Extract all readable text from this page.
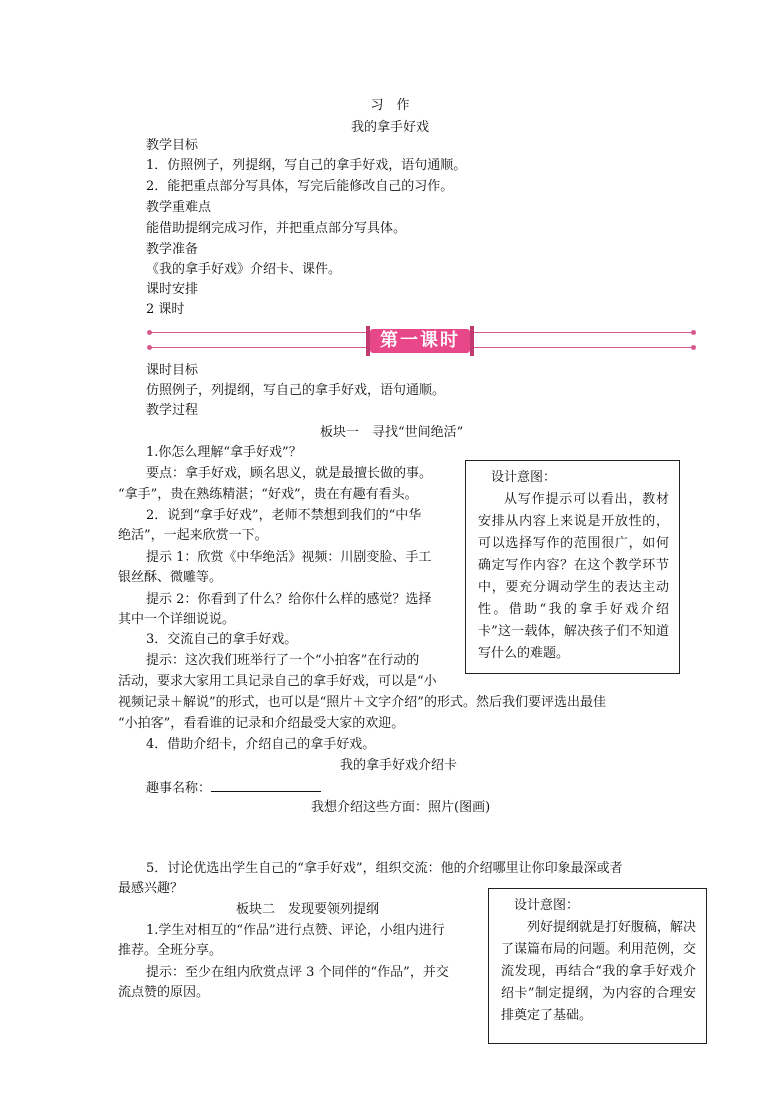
习　作
我的拿手好戏
教学目标
1．仿照例子，列提纲，写自己的拿手好戏，语句通顺。
2．能把重点部分写具体，写完后能修改自己的习作。
教学重难点
能借助提纲完成习作，并把重点部分写具体。
教学准备
《我的拿手好戏》介绍卡、课件。
课时安排
2 课时
第一课时
课时目标
仿照例子，列提纲，写自己的拿手好戏，语句通顺。
教学过程
板块一　寻找“世间绝活”
1.你怎么理解“拿手好戏”？
要点：拿手好戏，顾名思义，就是最擅长做的事。
“拿手”，贵在熟练精湛；“好戏”，贵在有趣有看头。
2．说到“拿手好戏”，老师不禁想到我们的“中华
绝活”，一起来欣赏一下。
提示 1：欣赏《中华绝活》视频：川剧变脸、手工
银丝酥、微雕等。
提示 2：你看到了什么？给你什么样的感觉？选择
其中一个详细说说。
3．交流自己的拿手好戏。
提示：这次我们班举行了一个“小拍客”在行动的
活动，要求大家用工具记录自己的拿手好戏，可以是“小
视频记录＋解说”的形式，也可以是“照片＋文字介绍”的形式。然后我们要评选出最佳
“小拍客”，看看谁的记录和介绍最受大家的欢迎。
4．借助介绍卡，介绍自己的拿手好戏。
我的拿手好戏介绍卡
趣事名称：
我想介绍这些方面：照片(图画)
5．讨论优选出学生自己的“拿手好戏”，组织交流：他的介绍哪里让你印象最深或者
最感兴趣？
板块二　发现要领列提纲
1.学生对相互的“作品”进行点赞、评论，小组内进行
推荐。全班分享。
提示：至少在组内欣赏点评 3 个同伴的“作品”，并交
流点赞的原因。

设计意图：

从写作提示可以看出，教材安排从内容上来说是开放性的，可以选择写作的范围很广，如何确定写作内容？在这个教学环节中，要充分调动学生的表达主动性。借助“我的拿手好戏介绍卡”这一载体，解决孩子们不知道写什么的难题。

设计意图：

列好提纲就是打好腹稿，解决了谋篇布局的问题。利用范例，交流发现，再结合“我的拿手好戏介绍卡”制定提纲，为内容的合理安排奠定了基础。
